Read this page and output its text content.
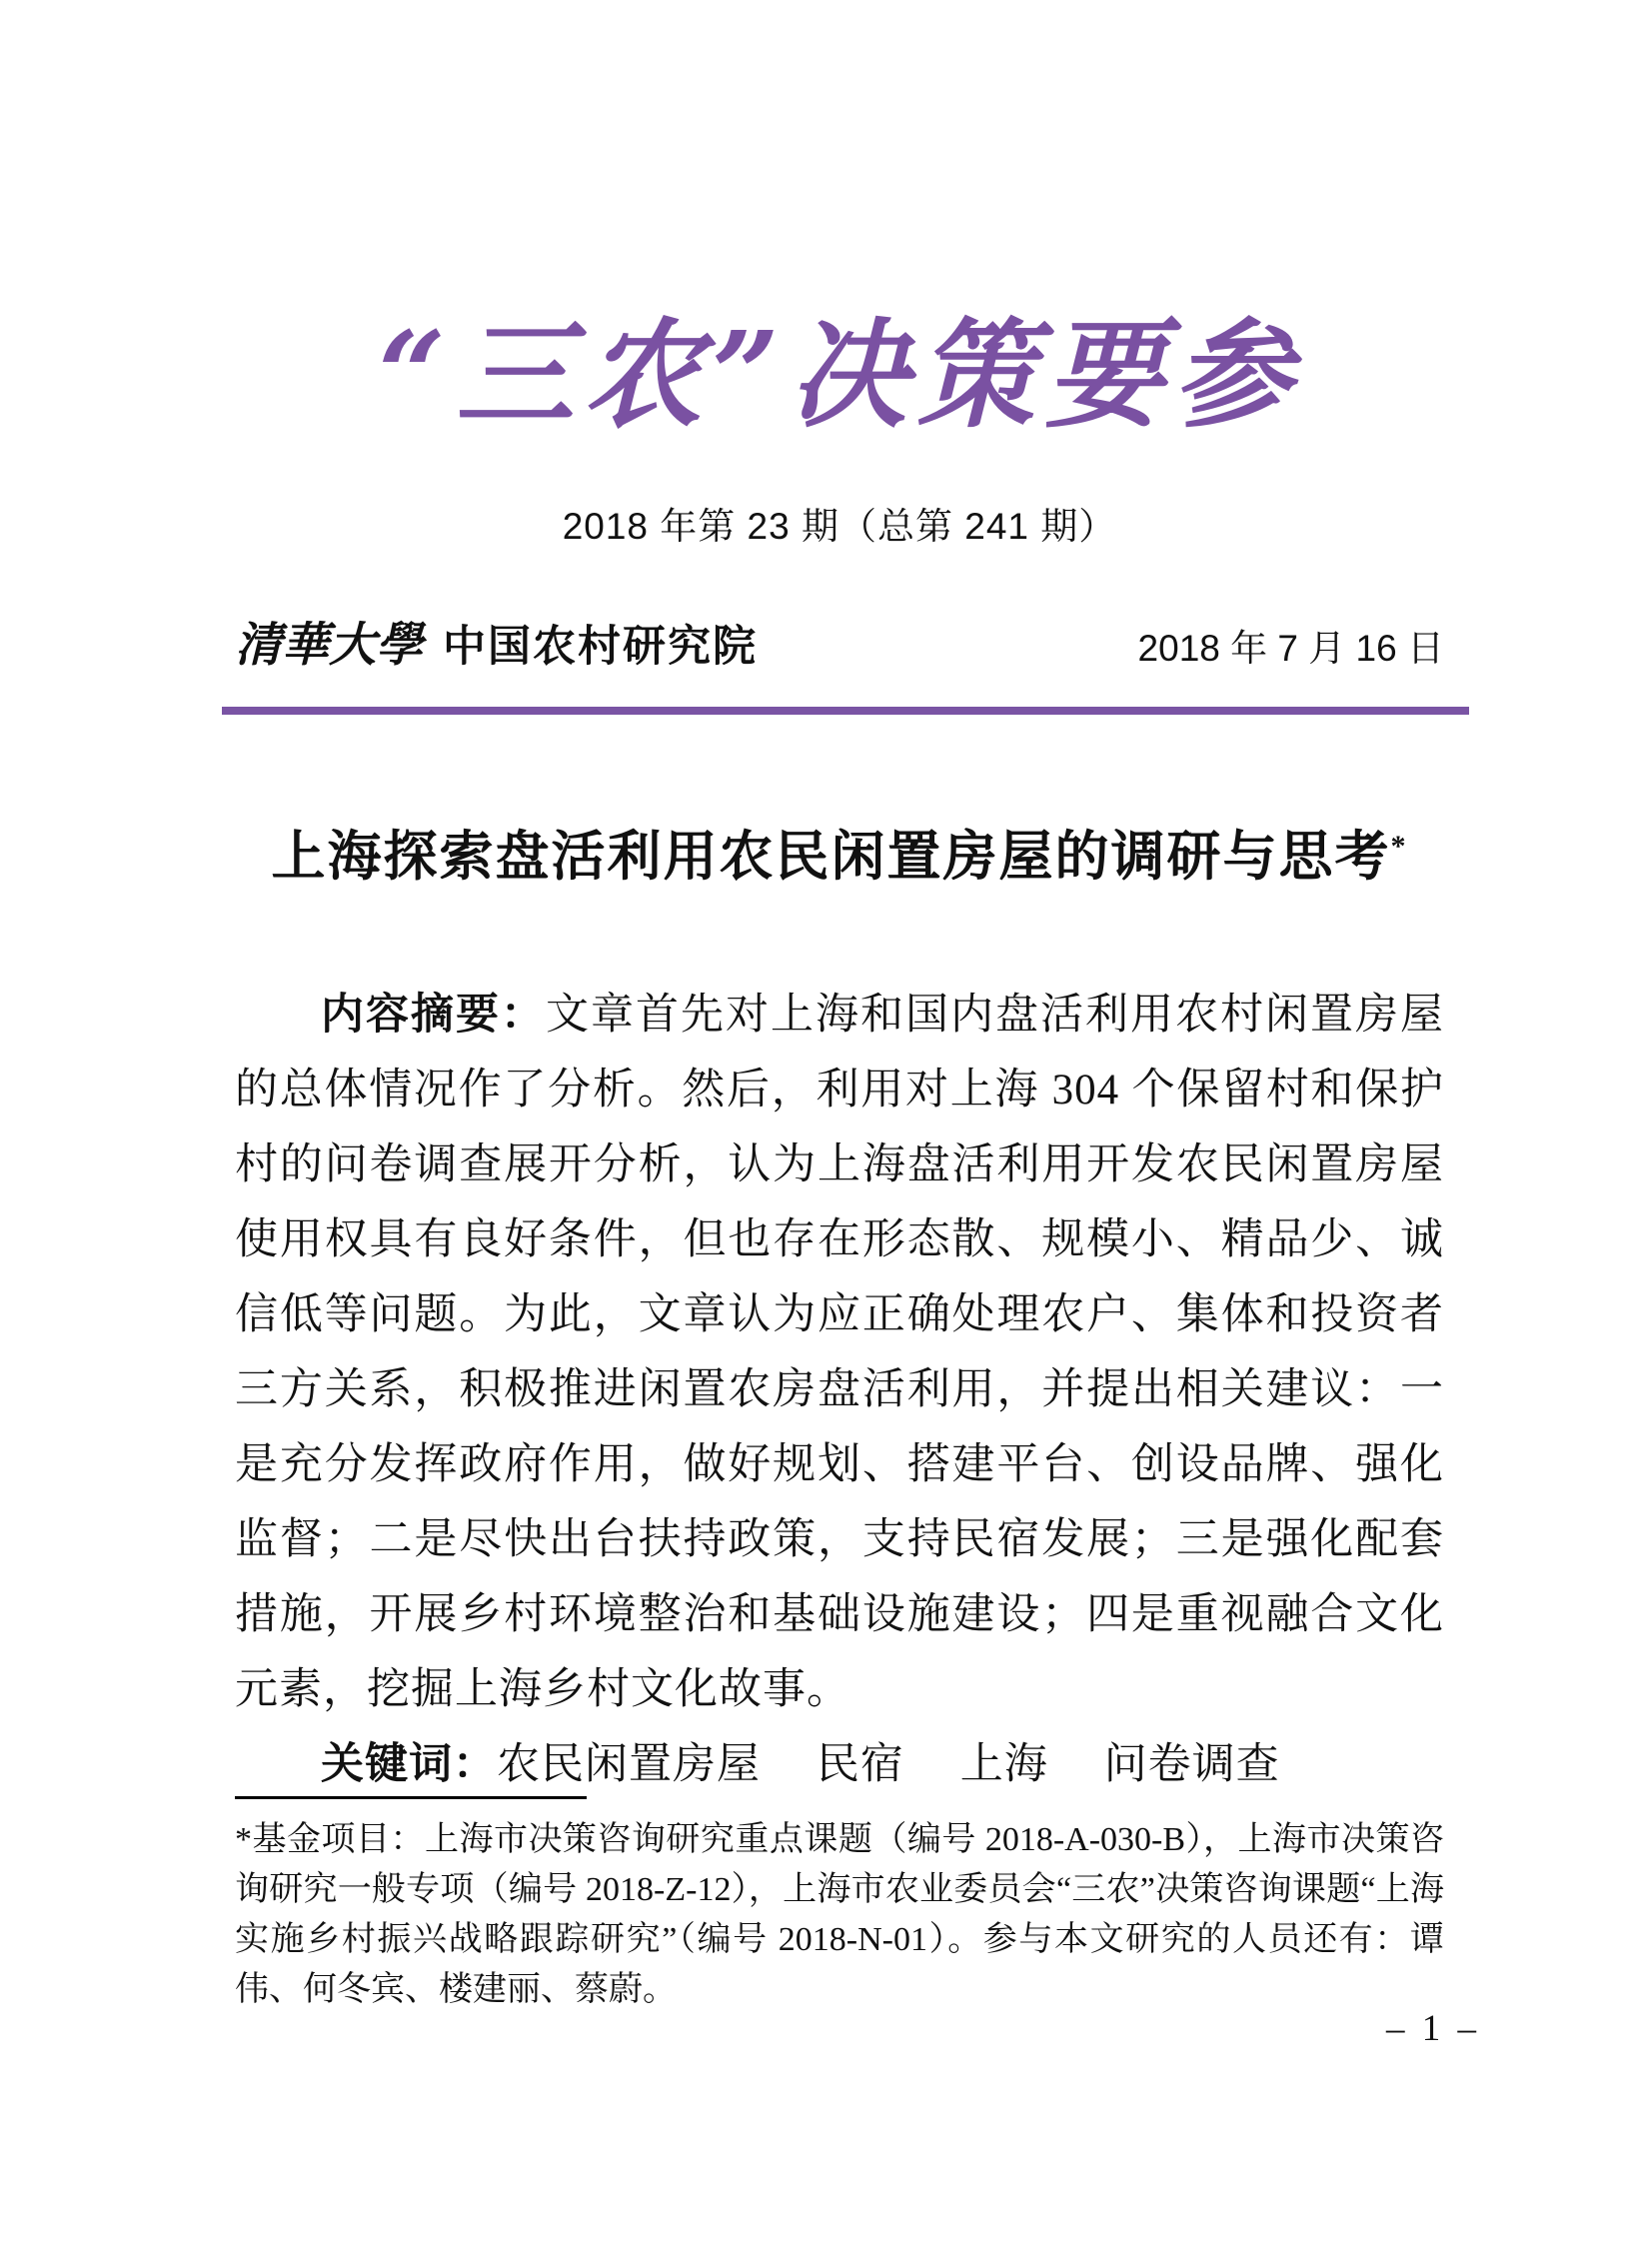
“三农”决策要参
2018 年第 23 期（总第 241 期）
清華大學 中国农村研究院	2018 年 7 月 16 日
上海探索盘活利用农民闲置房屋的调研与思考*

内容摘要：文章首先对上海和国内盘活利用农村闲置房屋的总体情况作了分析。然后，利用对上海 304 个保留村和保护村的问卷调查展开分析，认为上海盘活利用开发农民闲置房屋使用权具有良好条件，但也存在形态散、规模小、精品少、诚信低等问题。为此，文章认为应正确处理农户、集体和投资者三方关系，积极推进闲置农房盘活利用，并提出相关建议：一是充分发挥政府作用，做好规划、搭建平台、创设品牌、强化监督；二是尽快出台扶持政策，支持民宿发展；三是强化配套措施，开展乡村环境整治和基础设施建设；四是重视融合文化元素，挖掘上海乡村文化故事。

关键词：农民闲置房屋 民宿 上海 问卷调查

*基金项目：上海市决策咨询研究重点课题（编号 2018-A-030-B），上海市决策咨询研究一般专项（编号 2018-Z-12），上海市农业委员会“三农”决策咨询课题“上海实施乡村振兴战略跟踪研究”（编号 2018-N-01）。参与本文研究的人员还有：谭伟、何冬宾、楼建丽、蔡蔚。

– 1 –
